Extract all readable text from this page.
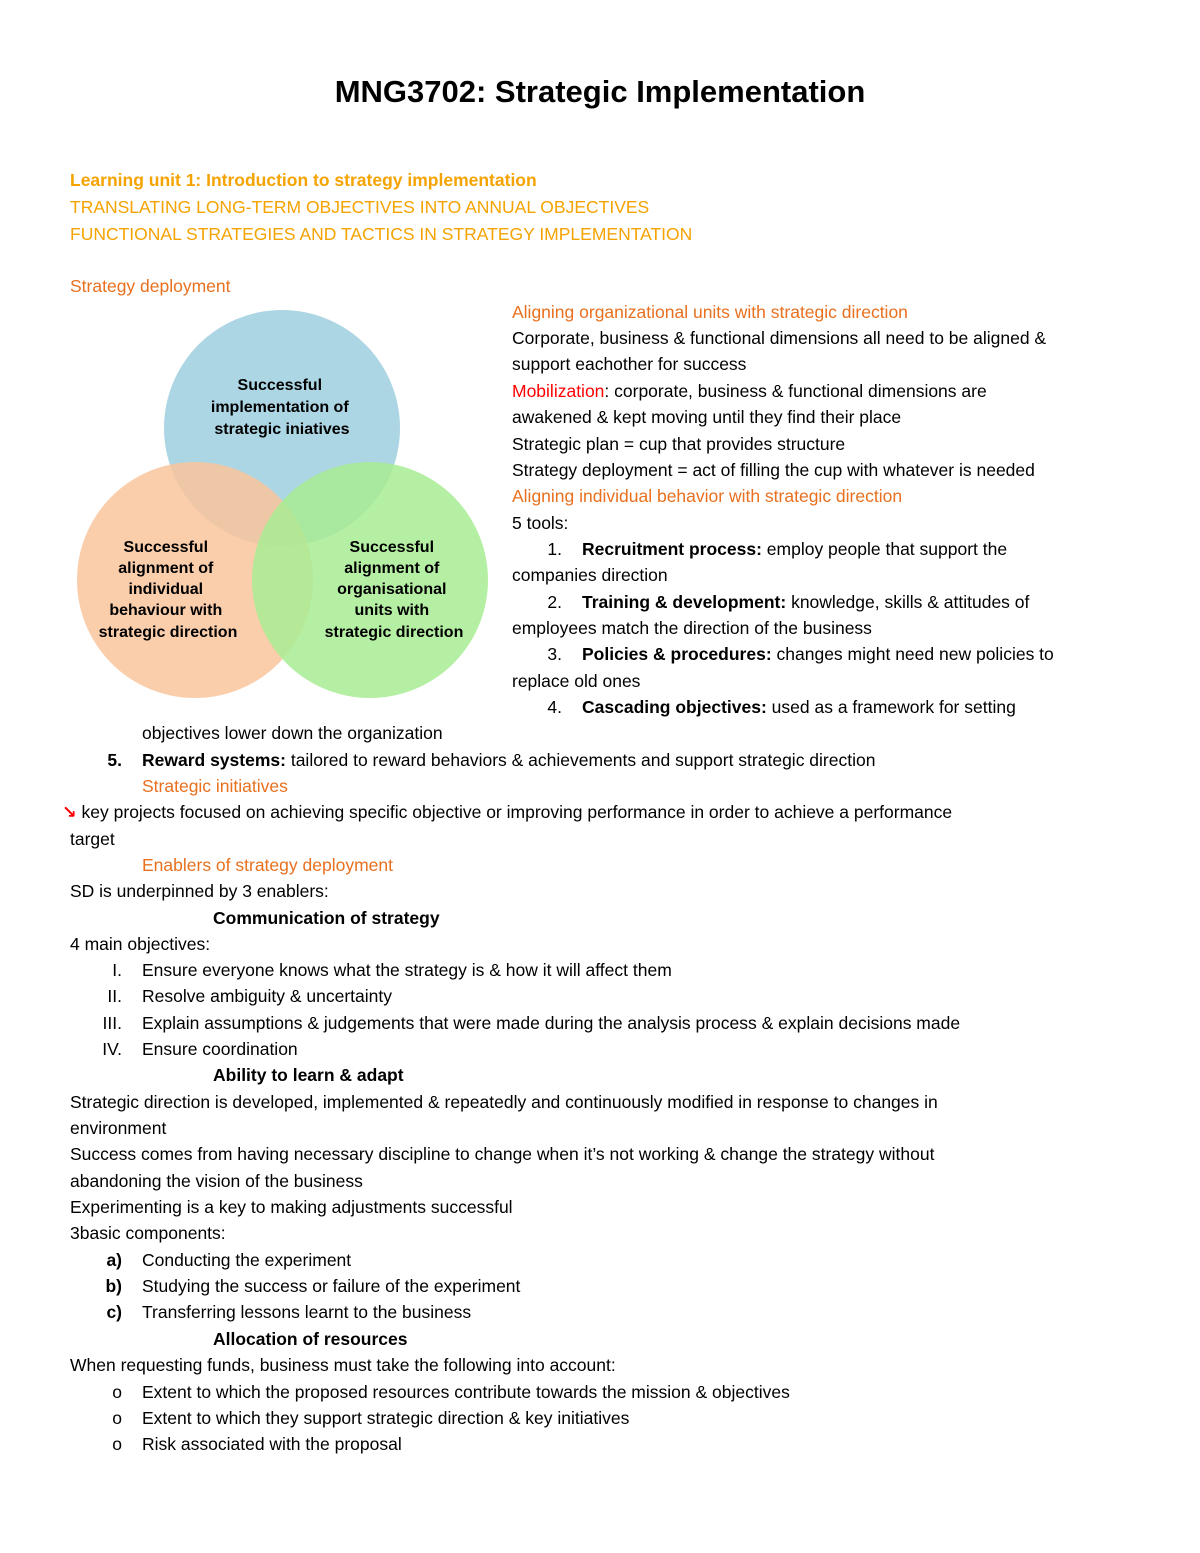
MNG3702: Strategic Implementation
Learning unit 1: Introduction to strategy implementation
TRANSLATING LONG-TERM OBJECTIVES INTO ANNUAL OBJECTIVES
FUNCTIONAL STRATEGIES AND TACTICS IN STRATEGY IMPLEMENTATION
Strategy deployment
Successful implementation of strategic iniatives
Successful alignment of individual behaviour with strategic direction
Successful alignment of organisational units with strategic direction
Aligning organizational units with strategic direction
Corporate, business & functional dimensions all need to be aligned &
support eachother for success
Mobilization: corporate, business & functional dimensions are
awakened & kept moving until they find their place
Strategic plan = cup that provides structure
Strategy deployment = act of filling the cup with whatever is needed
Aligning individual behavior with strategic direction
5 tools:
1. Recruitment process: employ people that support the
companies direction
2. Training & development: knowledge, skills & attitudes of
employees match the direction of the business
3. Policies & procedures: changes might need new policies to
replace old ones
4. Cascading objectives: used as a framework for setting
objectives lower down the organization
5. Reward systems: tailored to reward behaviors & achievements and support strategic direction
Strategic initiatives
↘ key projects focused on achieving specific objective or improving performance in order to achieve a performance
target
Enablers of strategy deployment
SD is underpinned by 3 enablers:
Communication of strategy
4 main objectives:
I. Ensure everyone knows what the strategy is & how it will affect them
II. Resolve ambiguity & uncertainty
III. Explain assumptions & judgements that were made during the analysis process & explain decisions made
IV. Ensure coordination
Ability to learn & adapt
Strategic direction is developed, implemented & repeatedly and continuously modified in response to changes in
environment
Success comes from having necessary discipline to change when it’s not working & change the strategy without
abandoning the vision of the business
Experimenting is a key to making adjustments successful
3basic components:
a) Conducting the experiment
b) Studying the success or failure of the experiment
c) Transferring lessons learnt to the business
Allocation of resources
When requesting funds, business must take the following into account:
o Extent to which the proposed resources contribute towards the mission & objectives
o Extent to which they support strategic direction & key initiatives
o Risk associated with the proposal
